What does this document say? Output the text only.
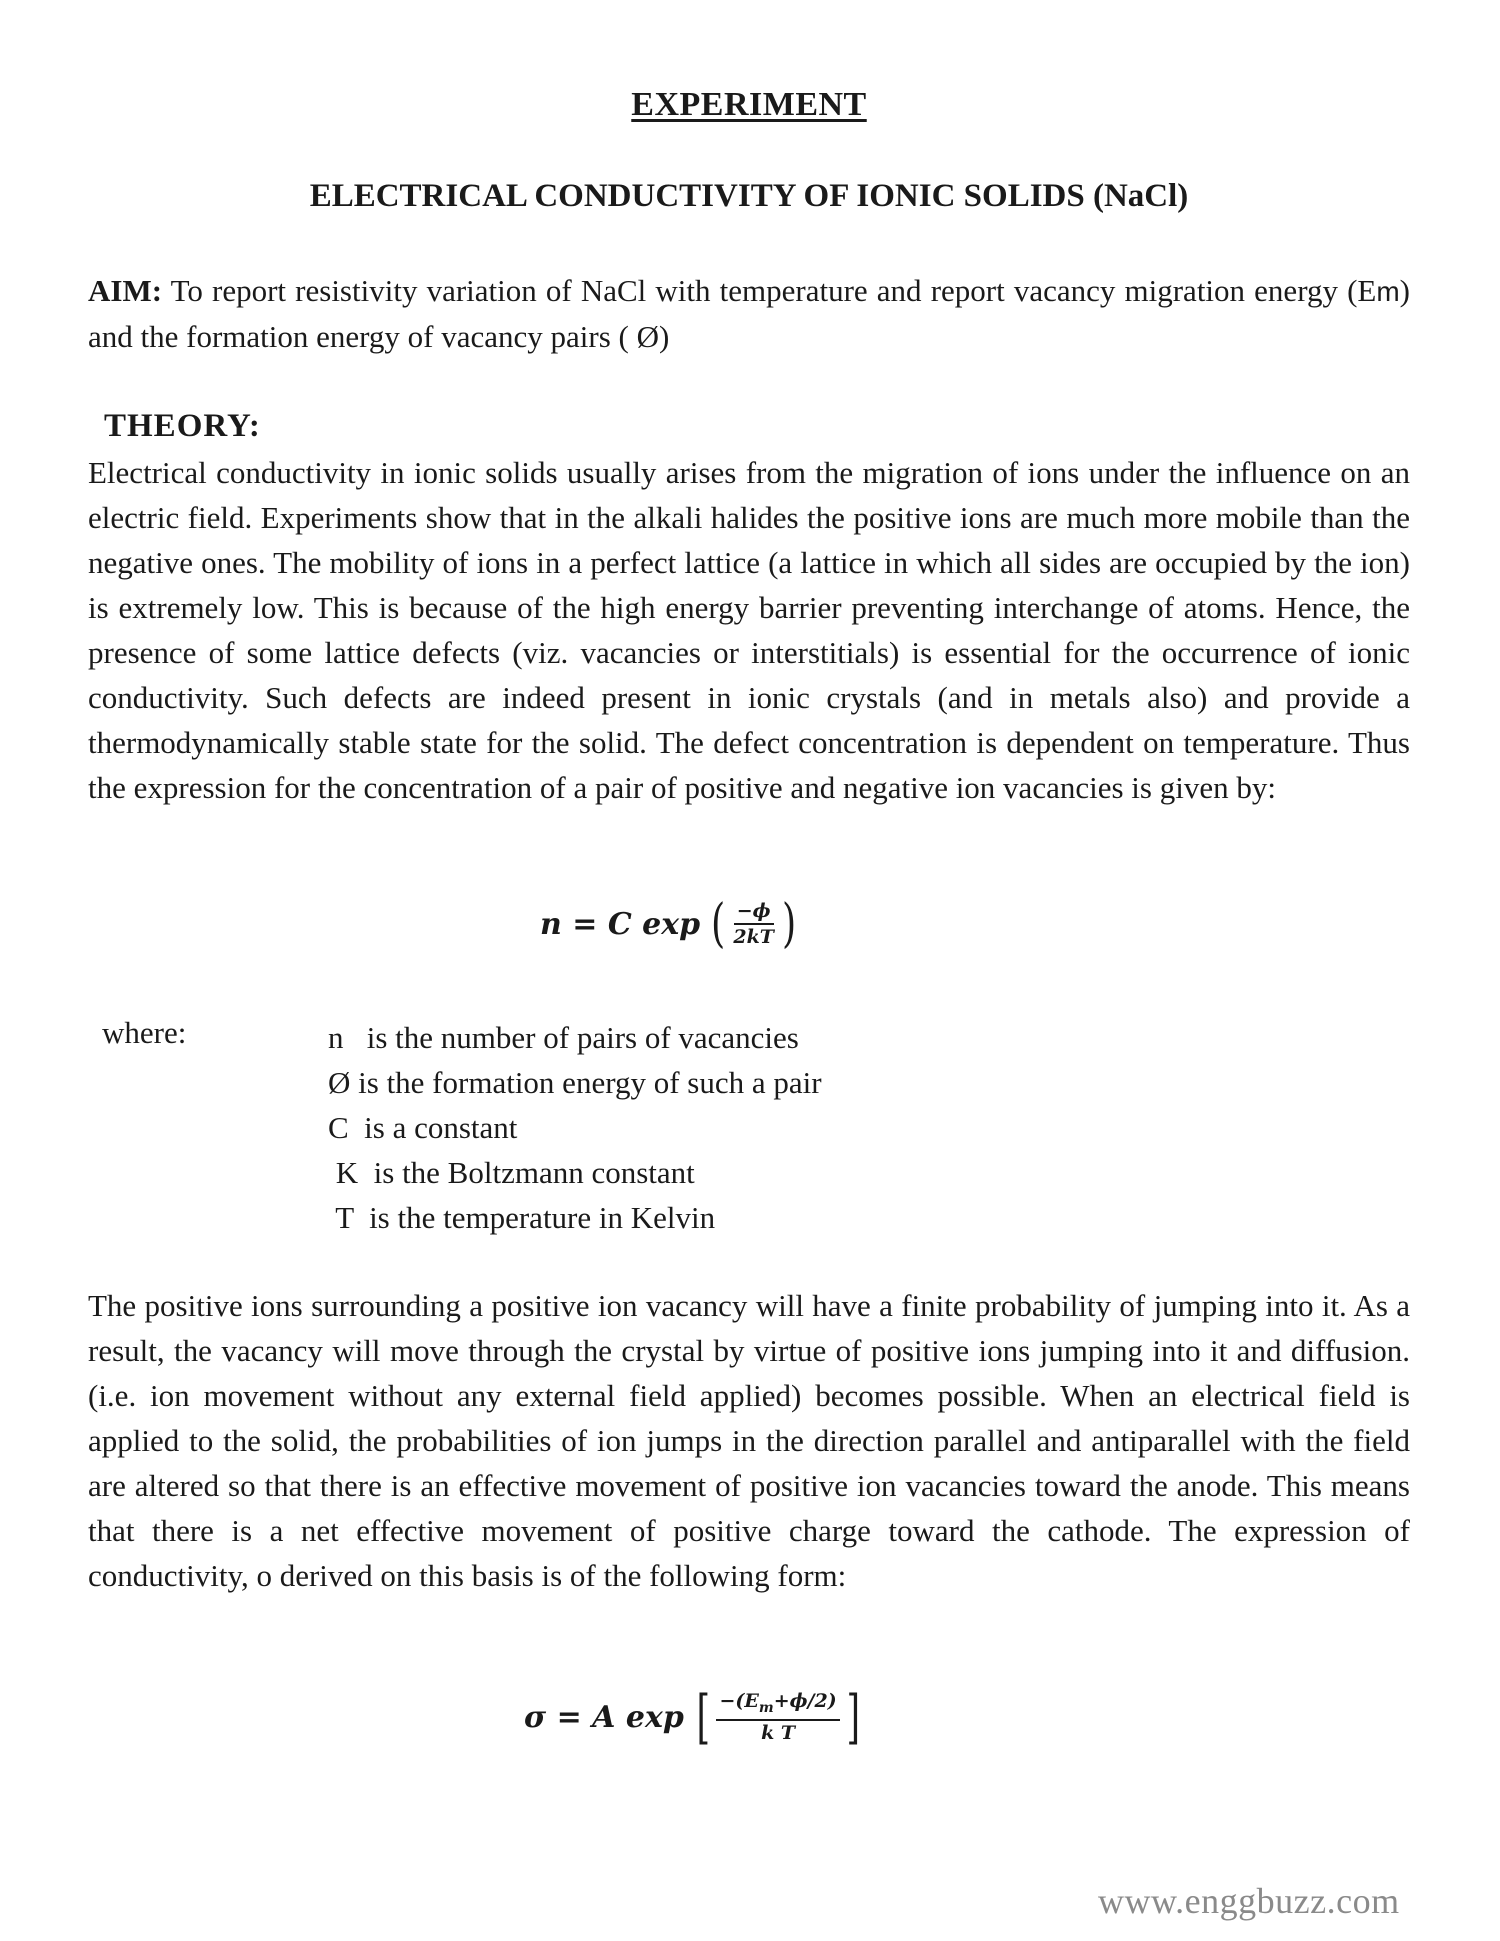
EXPERIMENT
ELECTRICAL CONDUCTIVITY OF IONIC SOLIDS (NaCl)
AIM: To report resistivity variation of NaCl with temperature and report vacancy migration energy (Em) and the formation energy of vacancy pairs ( Ø)
THEORY:
Electrical conductivity in ionic solids usually arises from the migration of ions under the influence on an electric field. Experiments show that in the alkali halides the positive ions are much more mobile than the negative ones. The mobility of ions in a perfect lattice (a lattice in which all sides are occupied by the ion) is extremely low. This is because of the high energy barrier preventing interchange of atoms. Hence, the presence of some lattice defects (viz. vacancies or interstitials) is essential for the occurrence of ionic conductivity. Such defects are indeed present in ionic crystals (and in metals also) and provide a thermodynamically stable state for the solid. The defect concentration is dependent on temperature. Thus the expression for the concentration of a pair of positive and negative ion vacancies is given by:
n = C exp ( $\frac{-\phi}{2kT}$ )
where:	n   is the number of pairs of vacancies
Ø is the formation energy of such a pair
C  is a constant
K  is the Boltzmann constant
T  is the temperature in Kelvin
The positive ions surrounding a positive ion vacancy will have a finite probability of jumping into it. As a result, the vacancy will move through the crystal by virtue of positive ions jumping into it and diffusion.(i.e. ion movement without any external field applied) becomes possible. When an electrical field is applied to the solid, the probabilities of ion jumps in the direction parallel and antiparallel with the field are altered so that there is an effective movement of positive ion vacancies toward the anode. This means that there is a net effective movement of positive charge toward the cathode. The expression of conductivity, o derived on this basis is of the following form:
σ = A exp [ $\frac{-(E_m+\phi/2)}{\text{k T}}$ ]
www.enggbuzz.com
